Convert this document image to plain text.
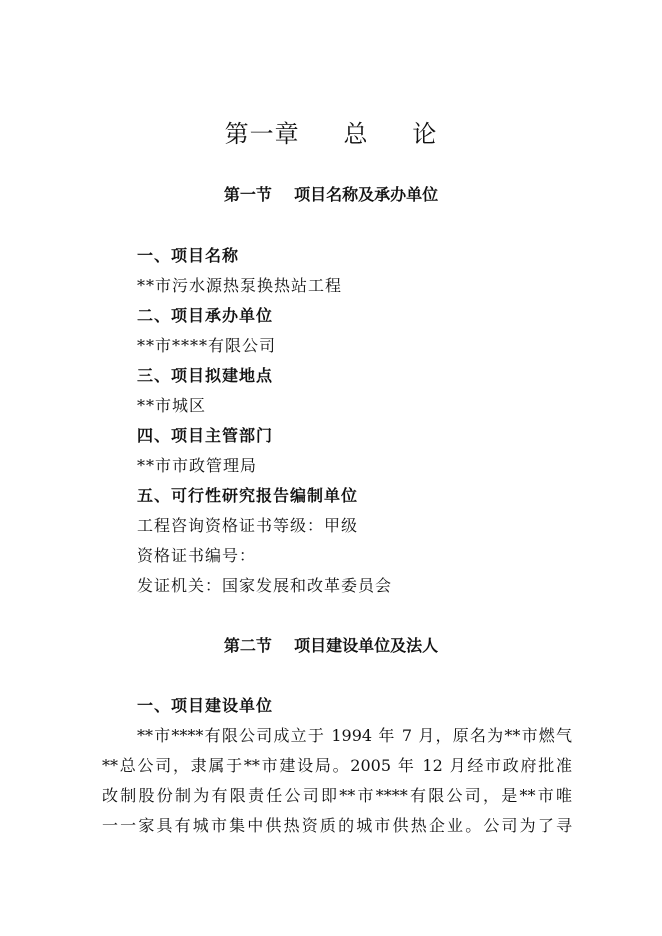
第一章   总   论
第一节    项目名称及承办单位
一、项目名称
**市污水源热泵换热站工程
二、项目承办单位
**市****有限公司
三、项目拟建地点
**市城区
四、项目主管部门
**市市政管理局
五、可行性研究报告编制单位
工程咨询资格证书等级：甲级
资格证书编号：
发证机关：国家发展和改革委员会
第二节    项目建设单位及法人
一、项目建设单位
**市****有限公司成立于 1994 年 7 月，原名为**市燃气
**总公司，隶属于**市建设局。2005 年 12 月经市政府批准
改制股份制为有限责任公司即**市****有限公司，是**市唯
一一家具有城市集中供热资质的城市供热企业。公司为了寻
